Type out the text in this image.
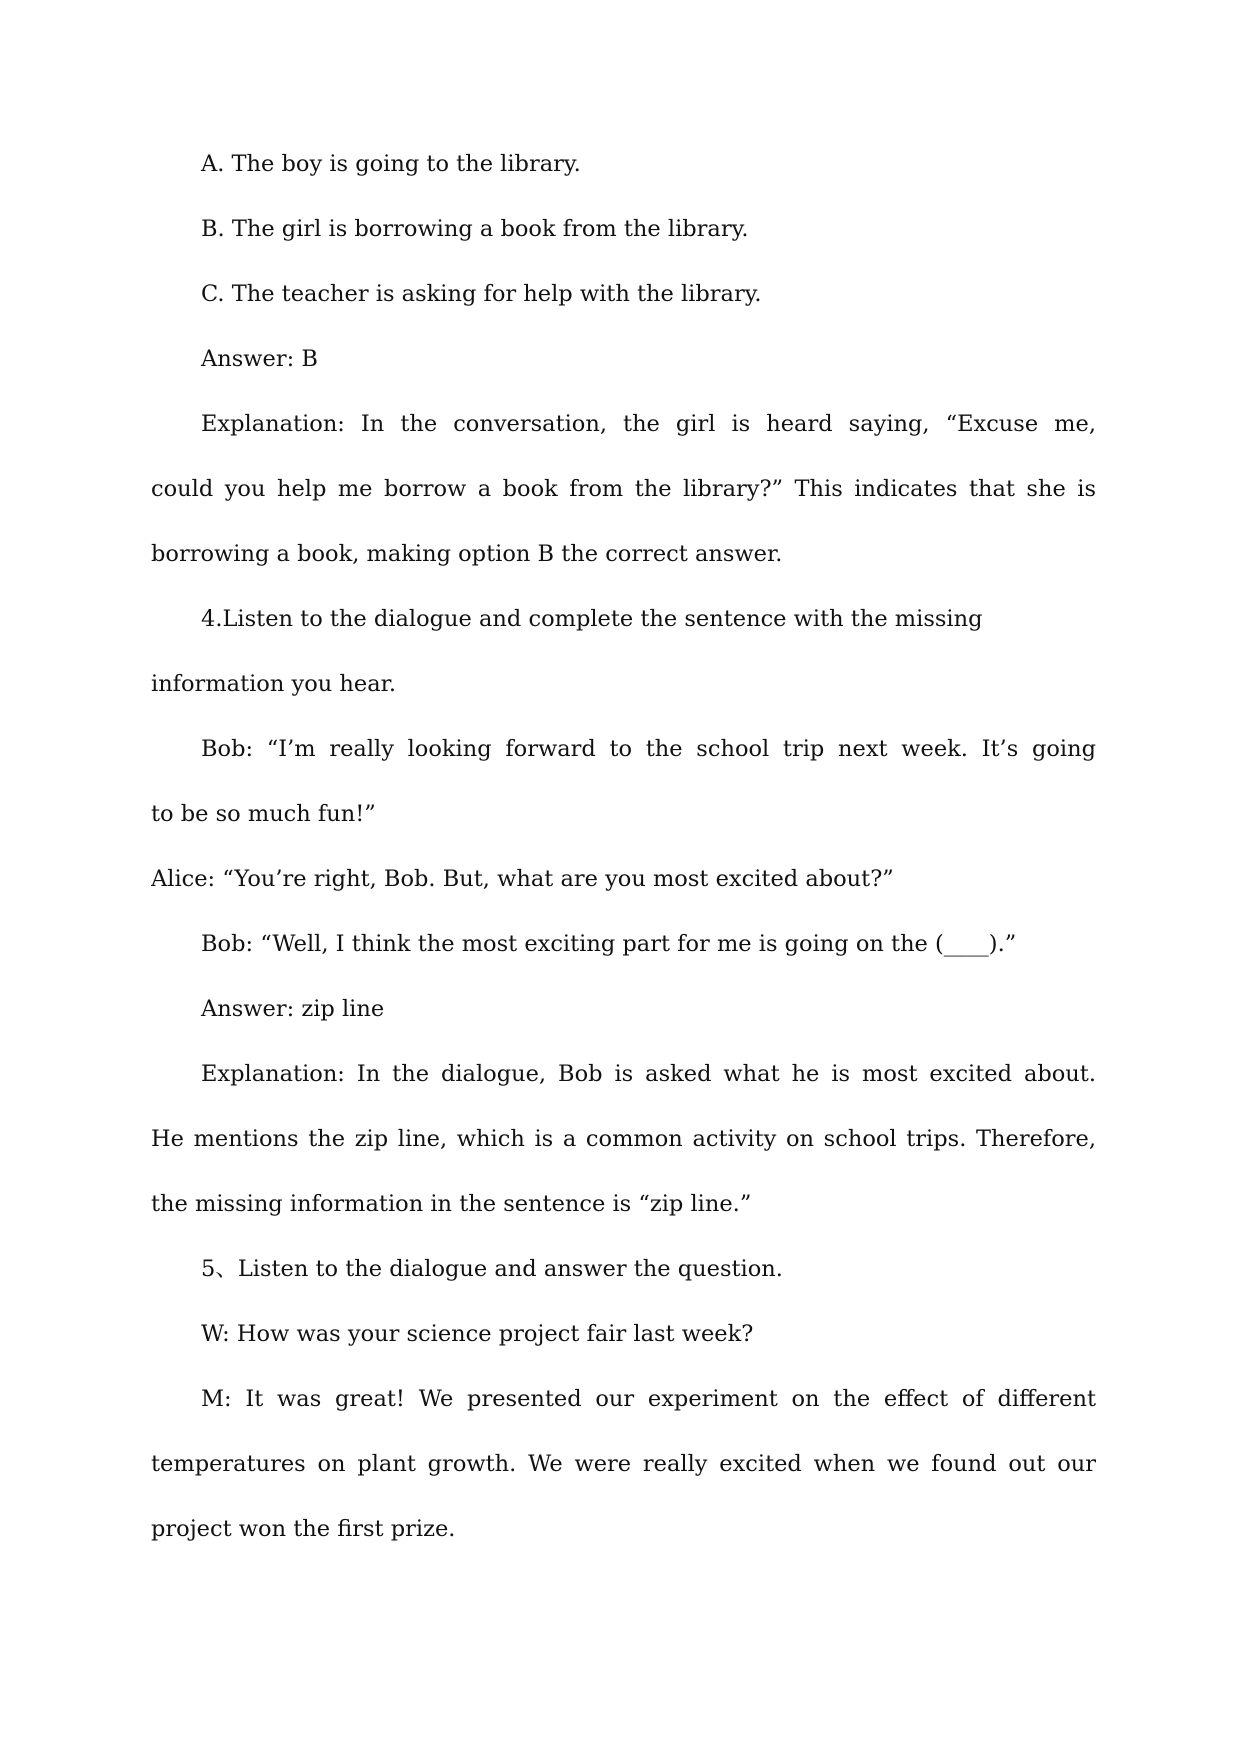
A. The boy is going to the library.
B. The girl is borrowing a book from the library.
C. The teacher is asking for help with the library.
Answer: B
Explanation: In the conversation, the girl is heard saying, “Excuse me,
could you help me borrow a book from the library?” This indicates that she is
borrowing a book, making option B the correct answer.
4.Listen to the dialogue and complete the sentence with the missing
information you hear.
Bob: “I’m really looking forward to the school trip next week. It’s going
to be so much fun!”
Alice: “You’re right, Bob. But, what are you most excited about?”
Bob: “Well, I think the most exciting part for me is going on the (____).”
Answer: zip line
Explanation: In the dialogue, Bob is asked what he is most excited about.
He mentions the zip line, which is a common activity on school trips. Therefore,
the missing information in the sentence is “zip line.”
5、Listen to the dialogue and answer the question.
W: How was your science project fair last week?
M: It was great! We presented our experiment on the effect of different
temperatures on plant growth. We were really excited when we found out our
project won the first prize.
